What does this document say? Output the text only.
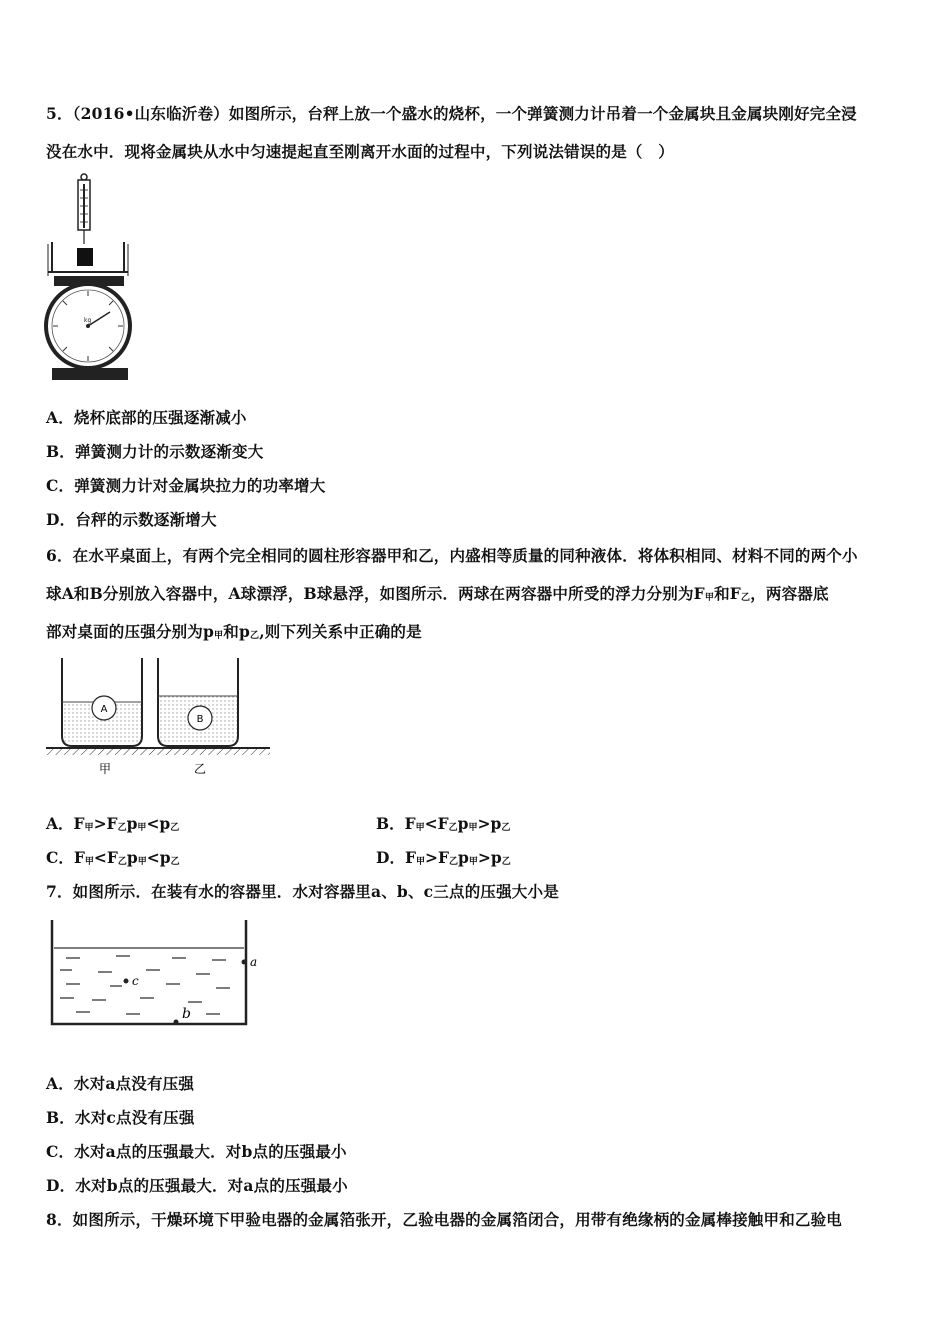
5．（2016•山东临沂卷）如图所示，台秤上放一个盛水的烧杯，一个弹簧测力计吊着一个金属块且金属块刚好完全浸
没在水中．现将金属块从水中匀速提起直至刚离开水面的过程中，下列说法错误的是（　）
kg
A．烧杯底部的压强逐渐减小
B．弹簧测力计的示数逐渐变大
C．弹簧测力计对金属块拉力的功率增大
D．台秤的示数逐渐增大
6．在水平桌面上，有两个完全相同的圆柱形容器甲和乙，内盛相等质量的同种液体．将体积相同、材料不同的两个小
球A和B分别放入容器中，A球漂浮，B球悬浮，如图所示．两球在两容器中所受的浮力分别为$F_甲$和$F_乙$，两容器底
部对桌面的压强分别为$p_甲$和$p_乙$,则下列关系中正确的是
A
B
甲	乙
A．$F_甲>F_乙p_甲<p_乙$	B．$F_甲<F_乙p_甲>p_乙$
C．$F_甲<F_乙p_甲<p_乙$	D．$F_甲>F_乙p_甲>p_乙$
7．如图所示．在装有水的容器里．水对容器里a、b、c三点的压强大小是
a
c
b
A．水对a点没有压强
B．水对c点没有压强
C．水对a点的压强最大．对b点的压强最小
D．水对b点的压强最大．对a点的压强最小
8．如图所示，干燥环境下甲验电器的金属箔张开，乙验电器的金属箔闭合，用带有绝缘柄的金属棒接触甲和乙验电
